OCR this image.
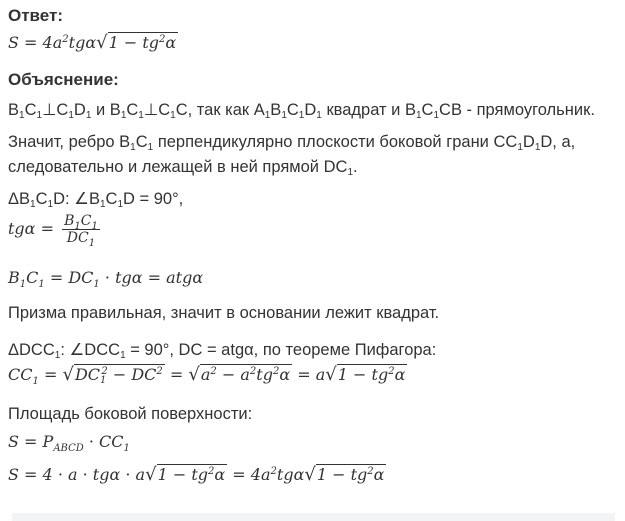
Ответ:
$S = 4a^2tg\alpha√1 - tg^2\alpha$
Объяснение:
$B_1C_1\perp C_1D_1$ и $B_1C_1\perp C_1C$, так как $A_1B_1C_1D_1$ квадрат и $B_1C_1CB$ - прямоугольник.
Значит, ребро $B_1C_1$ перпендикулярно плоскости боковой грани $CC_1D_1D$, а,
следовательно и лежащей в ней прямой $DC_1$.
$\Delta B_1C_1D$: $\angle B_1C_1D = 90^\circ$,
$tg\alpha = \frac{B_1C_1}{DC_1}$
$B_1C_1 = DC_1 \cdot tg\alpha = atg\alpha$
Призма правильная, значит в основании лежит квадрат.
$\Delta DCC_1$: $\angle DCC_1 = 90^\circ$, DC = atgα, по теореме Пифагора:
$CC_1 = √DC1^2 - DC^2 = √a^2 - a^2tg^2\alpha = a√1 - tg^2\alpha$
Площадь боковой поверхности:
$S = P_{ABCD} \cdot CC_1$
$S = 4 \cdot a \cdot tg\alpha \cdot a√1 - tg^2\alpha = 4a^2tg\alpha√1 - tg^2\alpha$
